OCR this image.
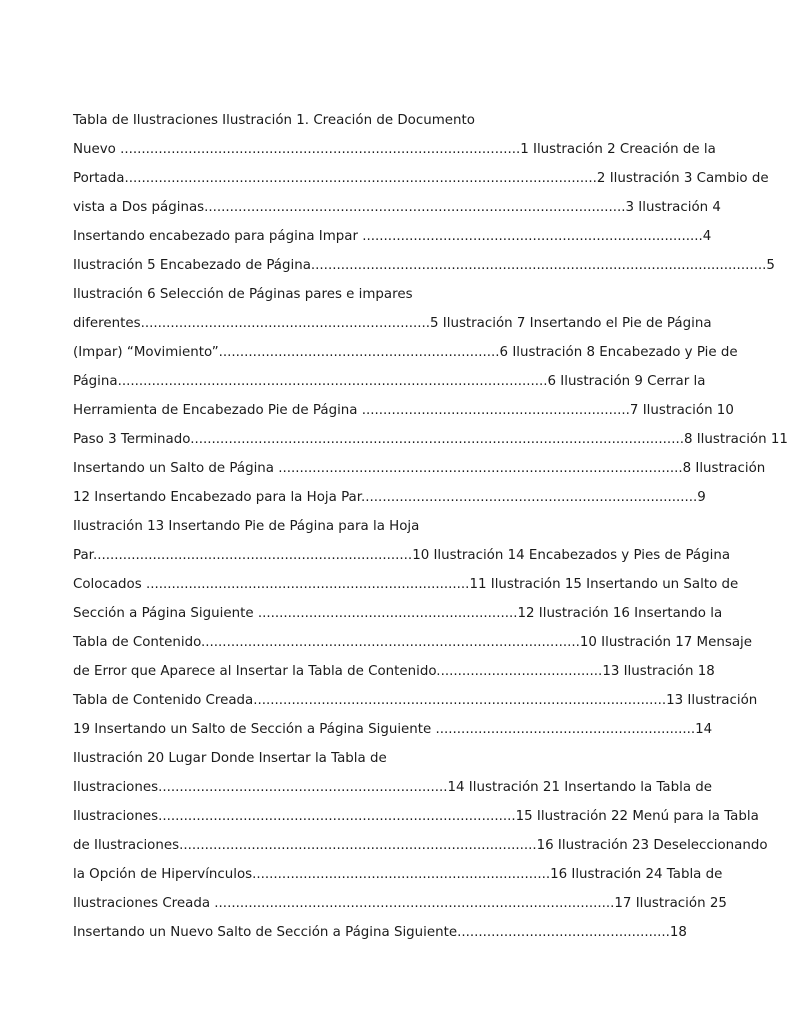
Tabla de Ilustraciones Ilustración 1. Creación de Documento
Nuevo ..............................................................................................1 Ilustración 2 Creación de la
Portada...............................................................................................................2 Ilustración 3 Cambio de
vista a Dos páginas...................................................................................................3 Ilustración 4
Insertando encabezado para página Impar ................................................................................4
Ilustración 5 Encabezado de Página...........................................................................................................5
Ilustración 6 Selección de Páginas pares e impares
diferentes....................................................................5 Ilustración 7 Insertando el Pie de Página
(Impar) “Movimiento”..................................................................6 Ilustración 8 Encabezado y Pie de
Página.....................................................................................................6 Ilustración 9 Cerrar la
Herramienta de Encabezado Pie de Página ...............................................................7 Ilustración 10
Paso 3 Terminado....................................................................................................................8 Ilustración 11
Insertando un Salto de Página ...............................................................................................8 Ilustración
12 Insertando Encabezado para la Hoja Par...............................................................................9
Ilustración 13 Insertando Pie de Página para la Hoja
Par...........................................................................10 Ilustración 14 Encabezados y Pies de Página
Colocados ............................................................................11 Ilustración 15 Insertando un Salto de
Sección a Página Siguiente .............................................................12 Ilustración 16 Insertando la
Tabla de Contenido.........................................................................................10 Ilustración 17 Mensaje
de Error que Aparece al Insertar la Tabla de Contenido.......................................13 Ilustración 18
Tabla de Contenido Creada.................................................................................................13 Ilustración
19 Insertando un Salto de Sección a Página Siguiente .............................................................14
Ilustración 20 Lugar Donde Insertar la Tabla de
Ilustraciones....................................................................14 Ilustración 21 Insertando la Tabla de
Ilustraciones....................................................................................15 Ilustración 22 Menú para la Tabla
de Ilustraciones....................................................................................16 Ilustración 23 Deseleccionando
la Opción de Hipervínculos......................................................................16 Ilustración 24 Tabla de
Ilustraciones Creada ..............................................................................................17 Ilustración 25
Insertando un Nuevo Salto de Sección a Página Siguiente..................................................18
